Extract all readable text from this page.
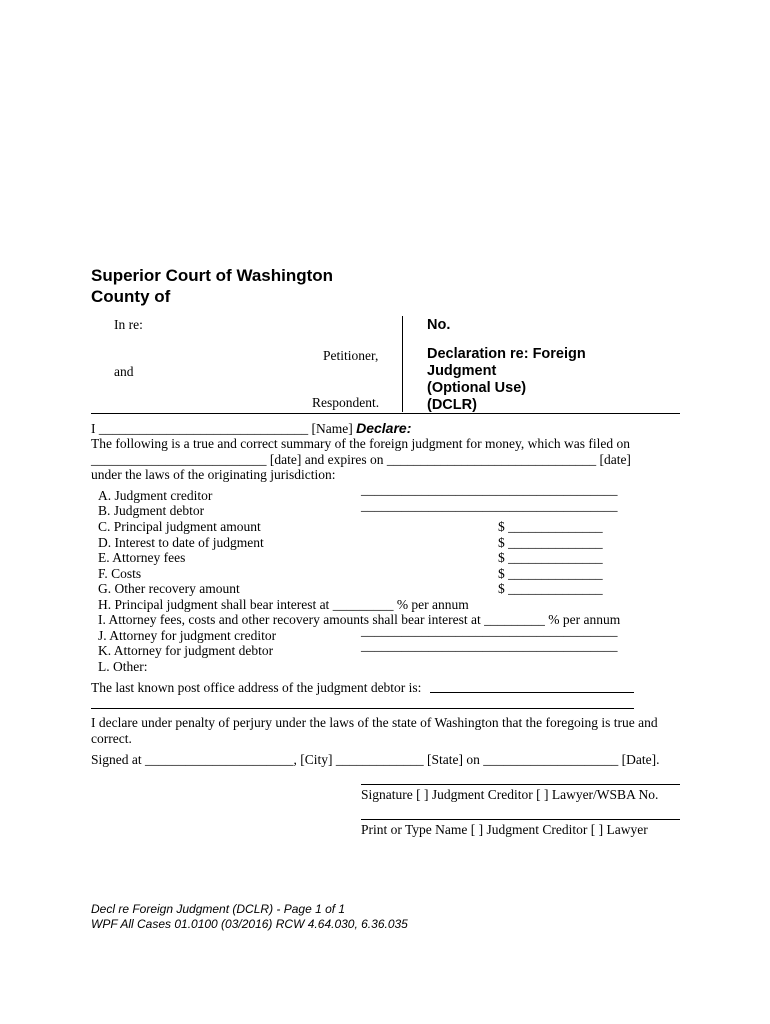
Superior Court of Washington
County of
In re:
Petitioner,
and
Respondent.
No.
Declaration re: Foreign
Judgment
(Optional Use)
(DCLR)
I _______________________________ [Name] Declare:
The following is a true and correct summary of the foreign judgment for money, which was filed on
__________________________ [date] and expires on _______________________________ [date]
under the laws of the originating jurisdiction:
A. Judgment creditor	______________________________________
B. Judgment debtor	______________________________________
C. Principal judgment amount	$ ______________
D. Interest to date of judgment	$ ______________
E. Attorney fees	$ ______________
F. Costs	$ ______________
G. Other recovery amount	$ ______________
H. Principal judgment shall bear interest at _________ % per annum
I. Attorney fees, costs and other recovery amounts shall bear interest at _________ % per annum
J. Attorney for judgment creditor	______________________________________
K. Attorney for judgment debtor	______________________________________
L. Other:
The last known post office address of the judgment debtor is:
I declare under penalty of perjury under the laws of the state of Washington that the foregoing is true and
correct.
Signed at ______________________, [City] _____________ [State] on ____________________ [Date].
Signature [ ] Judgment Creditor [ ] Lawyer/WSBA No.
Print or Type Name [ ] Judgment Creditor [ ] Lawyer
Decl re Foreign Judgment (DCLR) - Page 1 of 1
WPF All Cases 01.0100 (03/2016) RCW 4.64.030, 6.36.035
